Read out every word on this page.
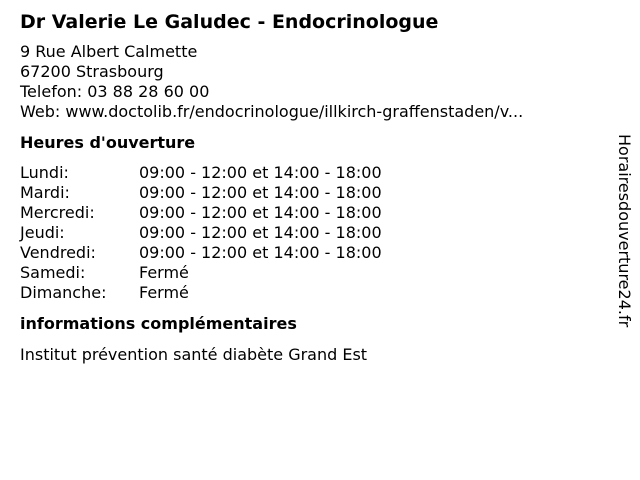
Dr Valerie Le Galudec - Endocrinologue
9 Rue Albert Calmette
67200 Strasbourg
Telefon: 03 88 28 60 00
Web: www.doctolib.fr/endocrinologue/illkirch-graffenstaden/v...
Heures d'ouverture
Lundi:	09:00 - 12:00 et 14:00 - 18:00
Mardi:	09:00 - 12:00 et 14:00 - 18:00
Mercredi:	09:00 - 12:00 et 14:00 - 18:00
Jeudi:	09:00 - 12:00 et 14:00 - 18:00
Vendredi:	09:00 - 12:00 et 14:00 - 18:00
Samedi:	Fermé
Dimanche:	Fermé
informations complémentaires
Institut prévention santé diabète Grand Est
Horairesdouverture24.fr
